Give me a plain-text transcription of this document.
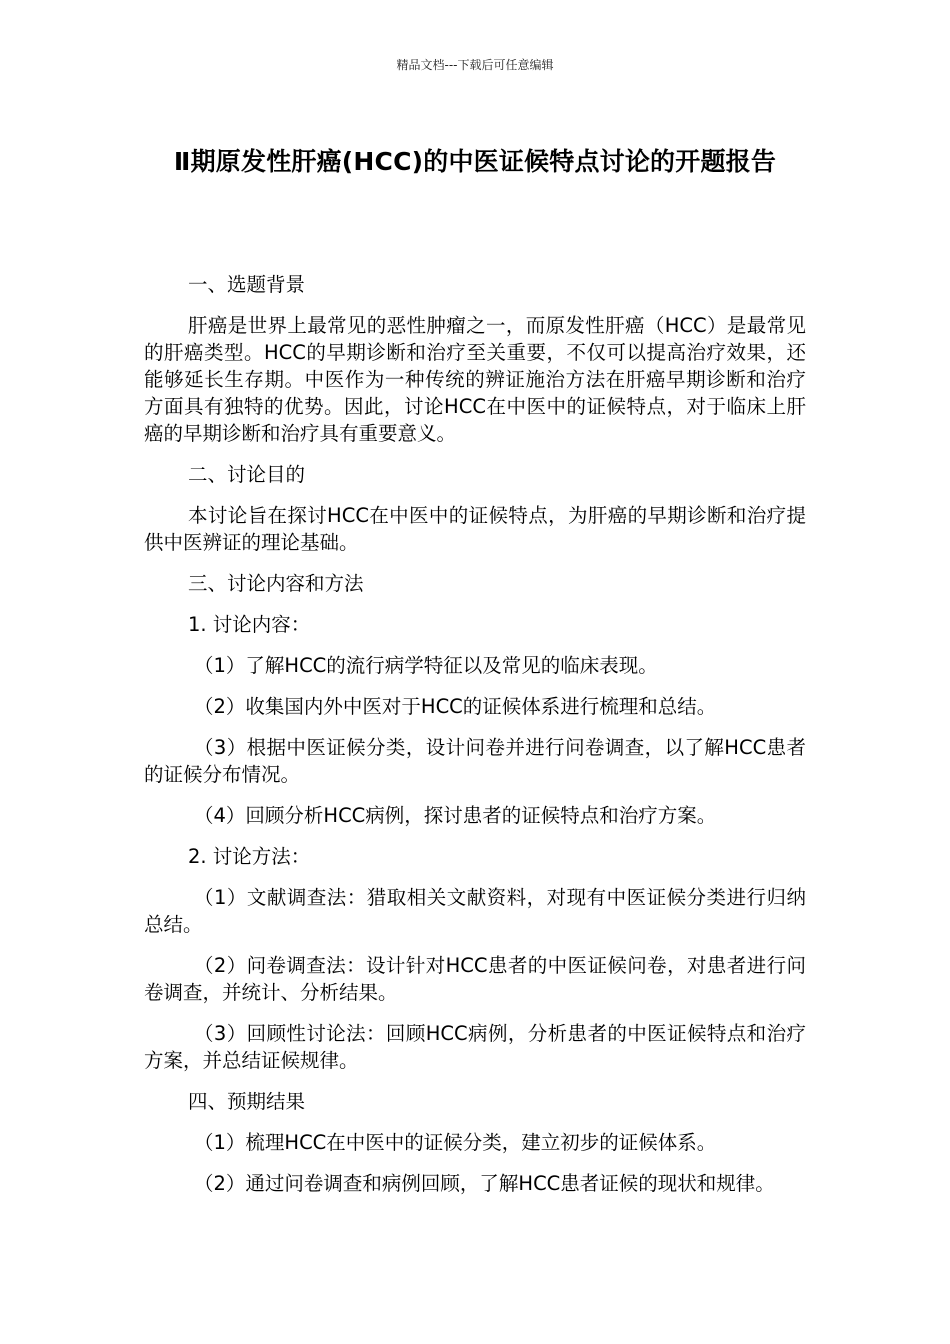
精品文档---下载后可任意编辑
Ⅱ期原发性肝癌(HCC)的中医证候特点讨论的开题报告

一、选题背景

肝癌是世界上最常见的恶性肿瘤之一，而原发性肝癌（HCC）是最常见的肝癌类型。HCC的早期诊断和治疗至关重要，不仅可以提高治疗效果，还能够延长生存期。中医作为一种传统的辨证施治方法在肝癌早期诊断和治疗方面具有独特的优势。因此，讨论HCC在中医中的证候特点，对于临床上肝癌的早期诊断和治疗具有重要意义。

二、讨论目的

本讨论旨在探讨HCC在中医中的证候特点，为肝癌的早期诊断和治疗提供中医辨证的理论基础。

三、讨论内容和方法

1. 讨论内容：

（1）了解HCC的流行病学特征以及常见的临床表现。

（2）收集国内外中医对于HCC的证候体系进行梳理和总结。

（3）根据中医证候分类，设计问卷并进行问卷调查，以了解HCC患者的证候分布情况。

（4）回顾分析HCC病例，探讨患者的证候特点和治疗方案。

2. 讨论方法：

（1）文献调查法：猎取相关文献资料，对现有中医证候分类进行归纳总结。

（2）问卷调查法：设计针对HCC患者的中医证候问卷，对患者进行问卷调查，并统计、分析结果。

（3）回顾性讨论法：回顾HCC病例，分析患者的中医证候特点和治疗方案，并总结证候规律。

四、预期结果

（1）梳理HCC在中医中的证候分类，建立初步的证候体系。

（2）通过问卷调查和病例回顾，了解HCC患者证候的现状和规律。
